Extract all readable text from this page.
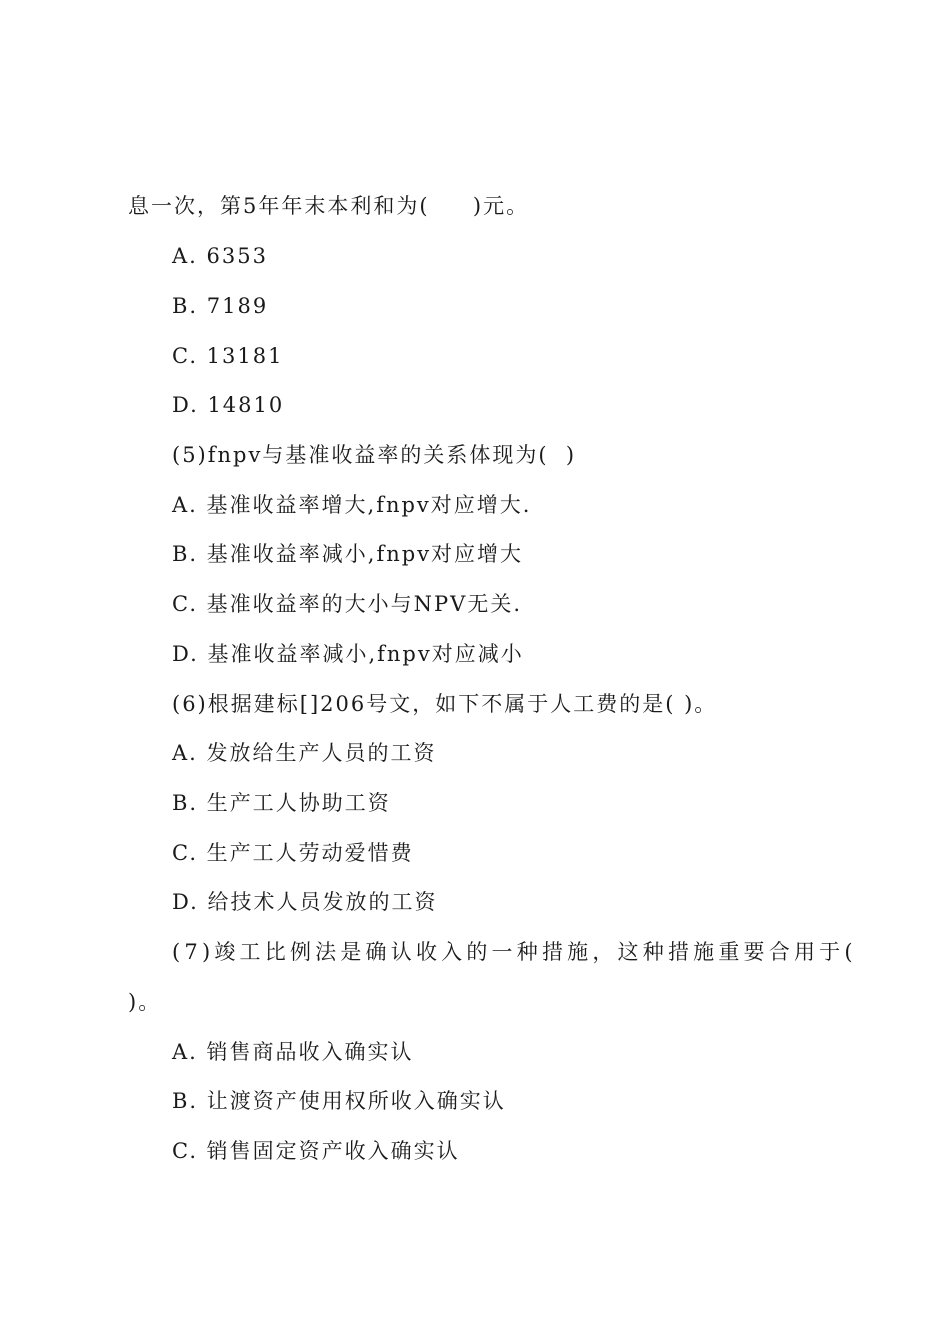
息一次，第5年年末本利和为(     )元。
A. 6353
B. 7189
C. 13181
D. 14810
(5)fnpv与基准收益率的关系体现为(  )
A. 基准收益率增大,fnpv对应增大.
B. 基准收益率减小,fnpv对应增大
C. 基准收益率的大小与NPV无关.
D. 基准收益率减小,fnpv对应减小
(6)根据建标[]206号文，如下不属于人工费的是( )。
A. 发放给生产人员的工资
B. 生产工人协助工资
C. 生产工人劳动爱惜费
D. 给技术人员发放的工资
(7)竣工比例法是确认收入的一种措施，这种措施重要合用于(
)。
A. 销售商品收入确实认
B. 让渡资产使用权所收入确实认
C. 销售固定资产收入确实认
